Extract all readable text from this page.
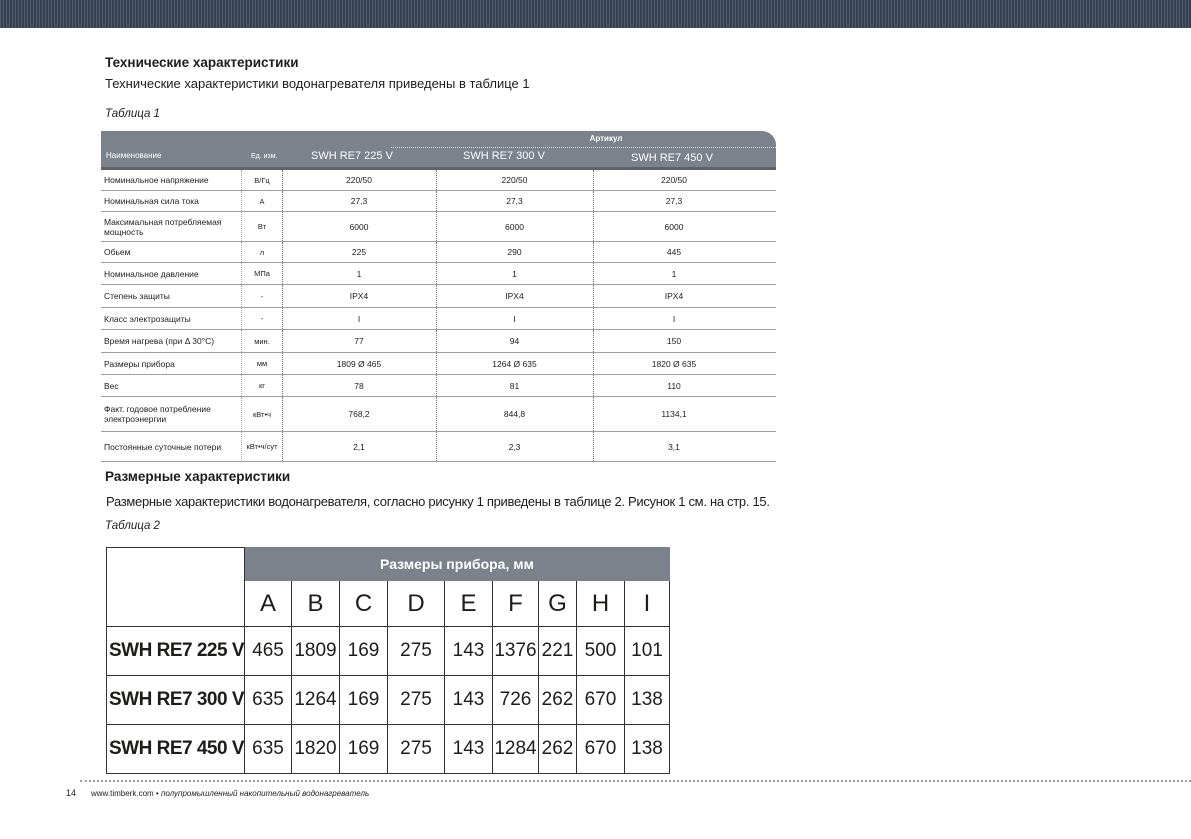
Технические характеристики
Технические характеристики водонагревателя приведены в таблице 1
Таблица 1
Артикул
Наименование	Ед. изм.	SWH RE7 225 V	SWH RE7 300 V	SWH RE7 450 V
Номинальное напряжение	В/Гц	220/50	220/50	220/50
Номинальная сила тока	А	27,3	27,3	27,3
Максимальная потребляемая мощность	Вт	6000	6000	6000
Обьем	л	225	290	445
Номинальное давление	МПа	1	1	1
Степень защиты	-	IPX4	IPX4	IPX4
Класс электрозащиты	-	I	I	I
Время нагрева (при Δ 30°С)	мин.	77	94	150
Размеры прибора	мм	1809 Ø 465	1264 Ø 635	1820 Ø 635
Вес	кг	78	81	110
Факт. годовое потребление электроэнергии	кВт•ч	768,2	844,8	1134,1
Постоянные суточные потери	кВт•ч/сут	2,1	2,3	3,1
Размерные характеристики
Размерные характеристики водонагревателя, согласно рисунку 1 приведены в таблице 2. Рисунок 1 см. на стр. 15.
Таблица 2
	Размеры прибора, мм								
	A	B	C	D	E	F	G	H	I
SWH RE7 225 V	465	1809	169	275	143	1376	221	500	101
SWH RE7 300 V	635	1264	169	275	143	726	262	670	138
SWH RE7 450 V	635	1820	169	275	143	1284	262	670	138
14 www.timberk.com • полупромышленный накопительный водонагреватель
